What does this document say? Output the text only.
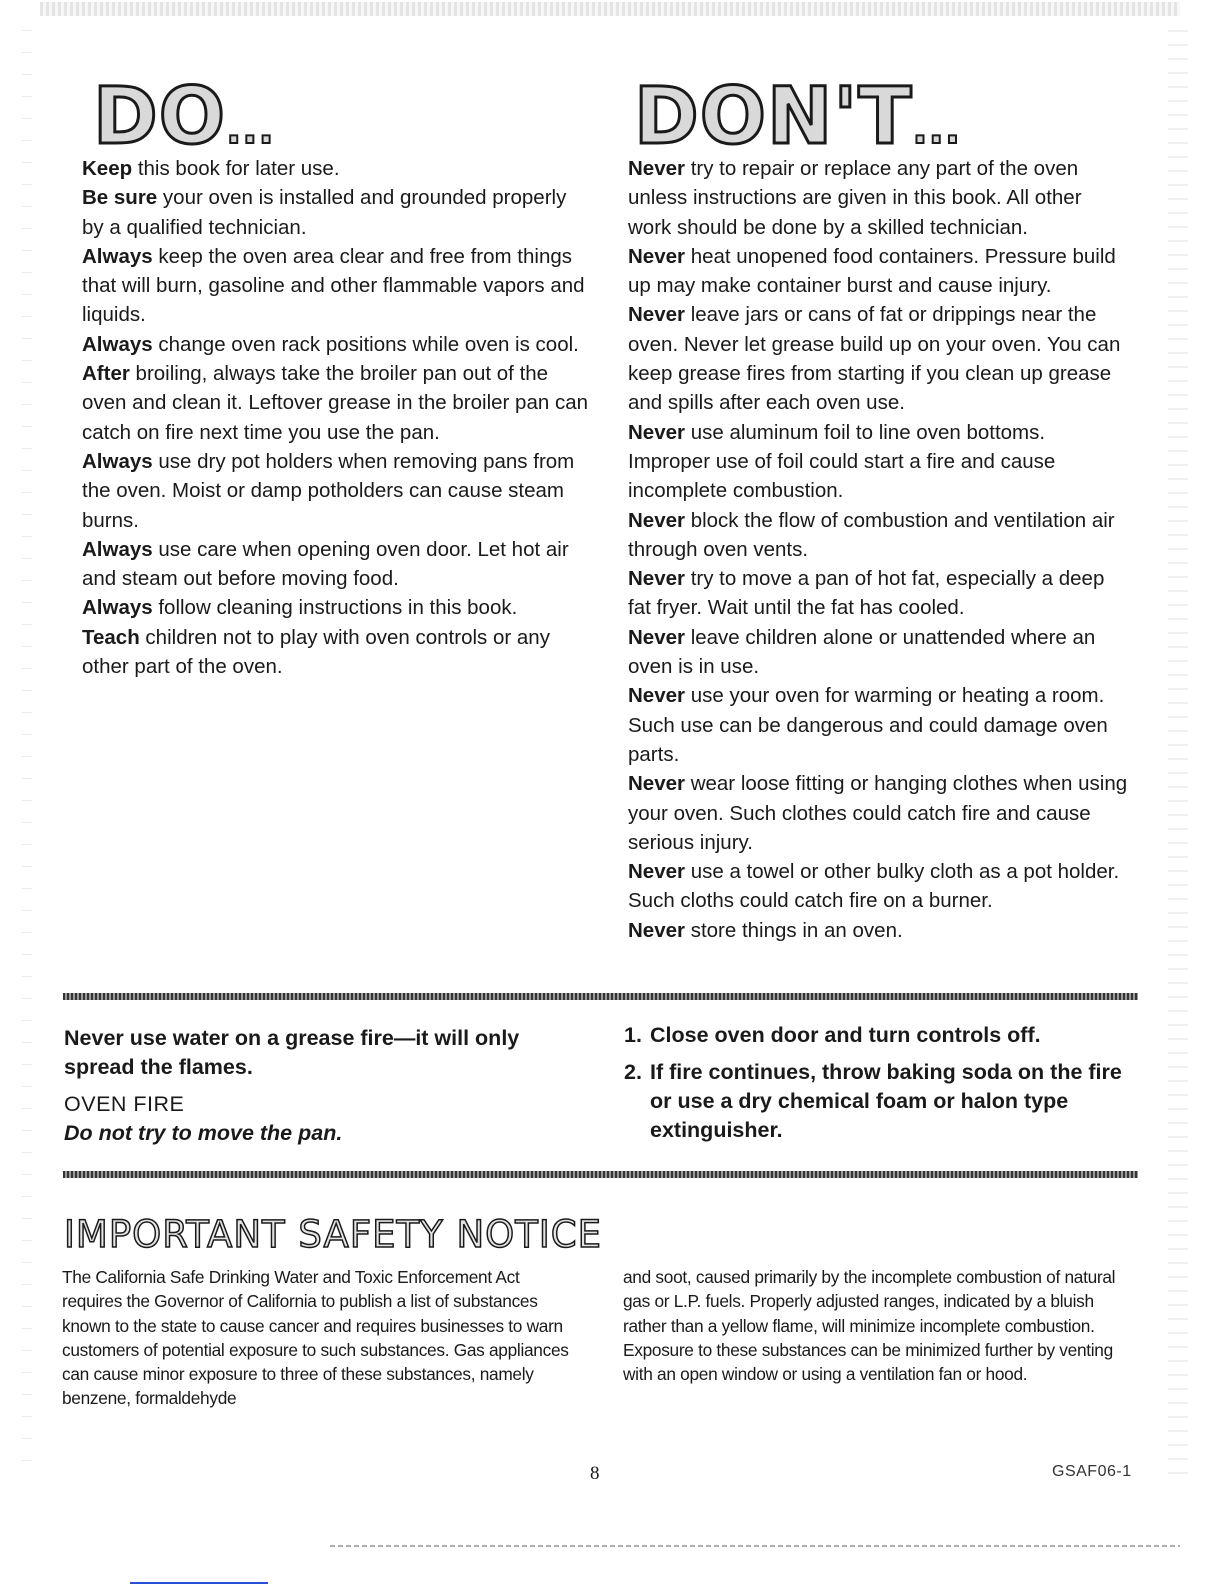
DO...	DON'T...

Keep this book for later use.

Be sure your oven is installed and grounded properly by a qualified technician.

Always keep the oven area clear and free from things that will burn, gasoline and other flammable vapors and liquids.

Always change oven rack positions while oven is cool.

After broiling, always take the broiler pan out of the oven and clean it. Leftover grease in the broiler pan can catch on fire next time you use the pan.

Always use dry pot holders when removing pans from the oven. Moist or damp potholders can cause steam burns.

Always use care when opening oven door. Let hot air and steam out before moving food.

Always follow cleaning instructions in this book.

Teach children not to play with oven controls or any other part of the oven.

Never try to repair or replace any part of the oven unless instructions are given in this book. All other work should be done by a skilled technician.

Never heat unopened food containers. Pressure build up may make container burst and cause injury.

Never leave jars or cans of fat or drippings near the oven. Never let grease build up on your oven. You can keep grease fires from starting if you clean up grease and spills after each oven use.

Never use aluminum foil to line oven bottoms. Improper use of foil could start a fire and cause incomplete combustion.

Never block the flow of combustion and ventilation air through oven vents.

Never try to move a pan of hot fat, especially a deep fat fryer. Wait until the fat has cooled.

Never leave children alone or unattended where an oven is in use.

Never use your oven for warming or heating a room. Such use can be dangerous and could damage oven parts.

Never wear loose fitting or hanging clothes when using your oven. Such clothes could catch fire and cause serious injury.

Never use a towel or other bulky cloth as a pot holder. Such cloths could catch fire on a burner.

Never store things in an oven.

Never use water on a grease fire—it will only spread the flames.

OVEN FIRE

Do not try to move the pan.

1. Close oven door and turn controls off.
2. If fire continues, throw baking soda on the fire or use a dry chemical foam or halon type extinguisher.
IMPORTANT SAFETY NOTICE

The California Safe Drinking Water and Toxic Enforcement Act requires the Governor of California to publish a list of substances known to the state to cause cancer and requires businesses to warn customers of potential exposure to such substances. Gas appliances can cause minor exposure to three of these substances, namely benzene, formaldehyde

and soot, caused primarily by the incomplete combustion of natural gas or L.P. fuels. Properly adjusted ranges, indicated by a bluish rather than a yellow flame, will minimize incomplete combustion. Exposure to these substances can be minimized further by venting with an open window or using a ventilation fan or hood.

8	GSAF06-1
